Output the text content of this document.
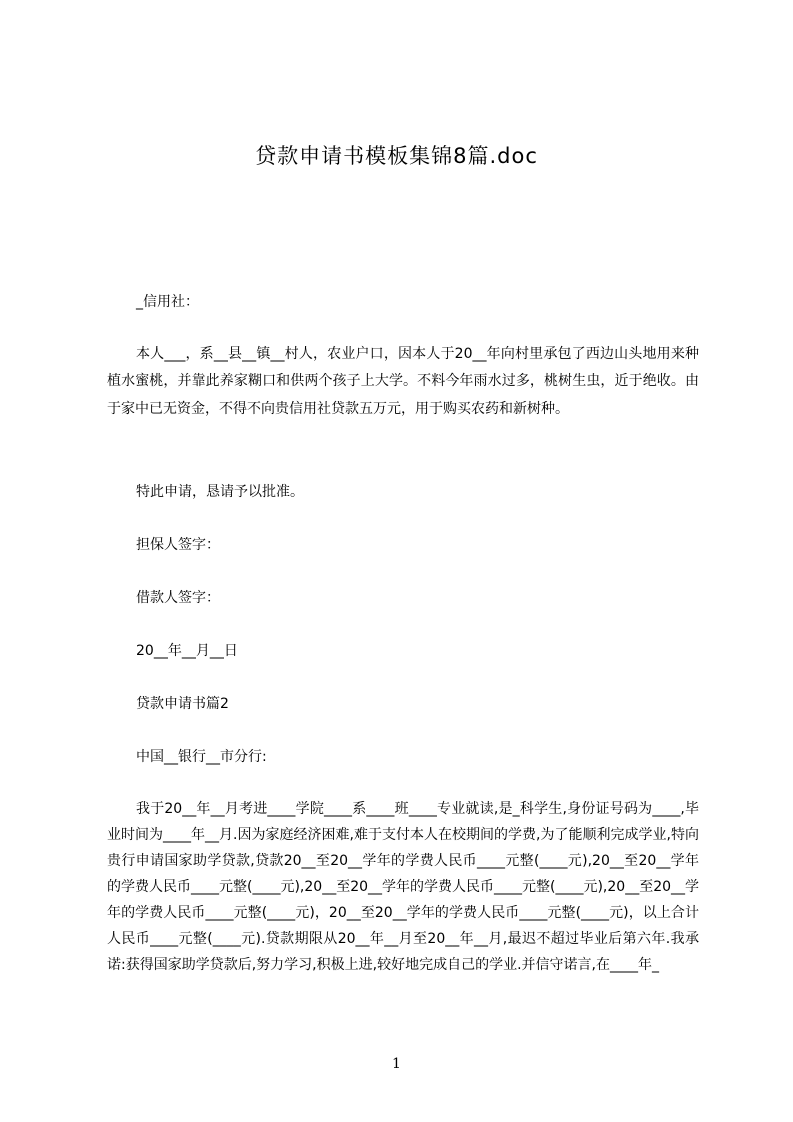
贷款申请书模板集锦8篇.doc
_信用社：
本人___，系__县__镇__村人，农业户口，因本人于20__年向村里承包了西边山头地用来种植水蜜桃，并靠此养家糊口和供两个孩子上大学。不料今年雨水过多，桃树生虫，近于绝收。由于家中已无资金，不得不向贵信用社贷款五万元，用于购买农药和新树种。
特此申请，恳请予以批准。
担保人签字：
借款人签字：
20__年__月__日
贷款申请书篇2
中国__银行__市分行:
我于20__年__月考进____学院____系____班____专业就读,是_科学生,身份证号码为____,毕业时间为____年__月.因为家庭经济困难,难于支付本人在校期间的学费,为了能顺利完成学业,特向贵行申请国家助学贷款,贷款20__至20__学年的学费人民币____元整(____元),20__至20__学年的学费人民币____元整(____元),20__至20__学年的学费人民币____元整(____元),20__至20__学年的学费人民币____元整(____元)，20__至20__学年的学费人民币____元整(____元)，以上合计人民币____元整(____元).贷款期限从20__年__月至20__年__月,最迟不超过毕业后第六年.我承诺:获得国家助学贷款后,努力学习,积极上进,较好地完成自己的学业.并信守诺言,在____年_
1
